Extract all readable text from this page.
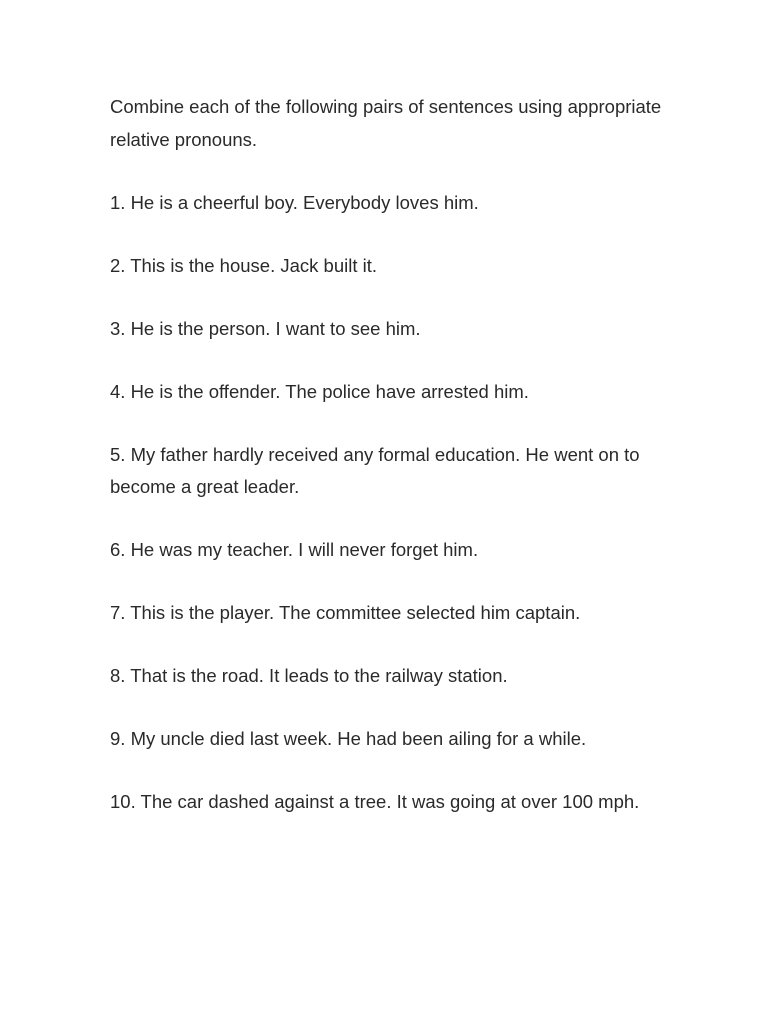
Combine each of the following pairs of sentences using appropriate relative pronouns.

1. He is a cheerful boy. Everybody loves him.
2. This is the house. Jack built it.
3. He is the person. I want to see him.
4. He is the offender. The police have arrested him.
5. My father hardly received any formal education. He went on to become a great leader.
6. He was my teacher. I will never forget him.
7. This is the player. The committee selected him captain.
8. That is the road. It leads to the railway station.
9. My uncle died last week. He had been ailing for a while.
10. The car dashed against a tree. It was going at over 100 mph.
